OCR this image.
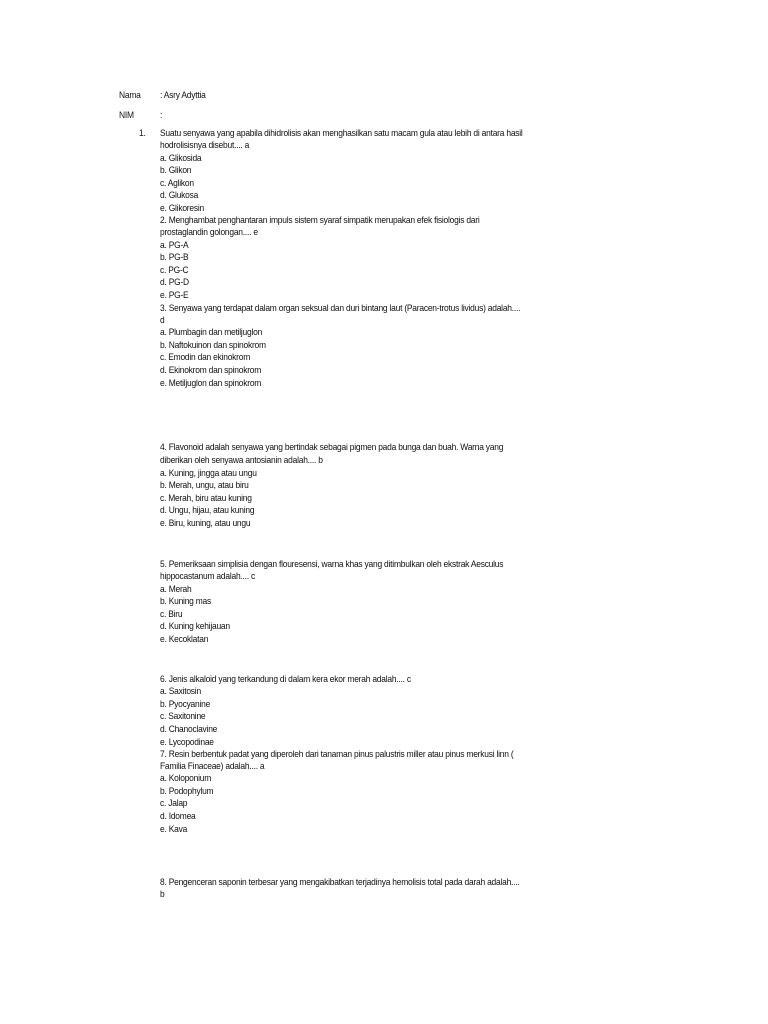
Nama : Asry Adyttia
NIM	:
1. Suatu senyawa yang apabila dihidrolisis akan menghasilkan satu macam gula atau lebih di antara hasil
hodrolisisnya disebut.... a
a. Glikosida
b. Glikon
c. Aglikon
d. Glukosa
e. Glikoresin
2. Menghambat penghantaran impuls sistem syaraf simpatik merupakan efek fisiologis dari
prostaglandin golongan.... e
a. PG-A
b. PG-B
c. PG-C
d. PG-D
e. PG-E
3. Senyawa yang terdapat dalam organ seksual dan duri bintang laut (Paracen-trotus lividus) adalah....
d
a. Plumbagin dan metiljuglon
b. Naftokuinon dan spinokrom
c. Emodin dan ekinokrom
d. Ekinokrom dan spinokrom
e. Metiljuglon dan spinokrom
4. Flavonoid adalah senyawa yang bertindak sebagai pigmen pada bunga dan buah. Warna yang
diberikan oleh senyawa antosianin adalah.... b
a. Kuning, jingga atau ungu
b. Merah, ungu, atau biru
c. Merah, biru atau kuning
d. Ungu, hijau, atau kuning
e. Biru, kuning, atau ungu
5. Pemeriksaan simplisia dengan flouresensi, warna khas yang ditimbulkan oleh ekstrak Aesculus
hippocastanum adalah.... c
a. Merah
b. Kuning mas
c. Biru
d. Kuning kehijauan
e. Kecoklatan
6. Jenis alkaloid yang terkandung di dalam kera ekor merah adalah.... c
a. Saxitosin
b. Pyocyanine
c. Saxitonine
d. Chanoclavine
e. Lycopodinae
7. Resin berbentuk padat yang diperoleh dari tanaman pinus palustris miller atau pinus merkusi linn (
Familia Finaceae) adalah.... a
a. Koloponium
b. Podophylum
c. Jalap
d. Idomea
e. Kava
8. Pengenceran saponin terbesar yang mengakibatkan terjadinya hemolisis total pada darah adalah....
b
